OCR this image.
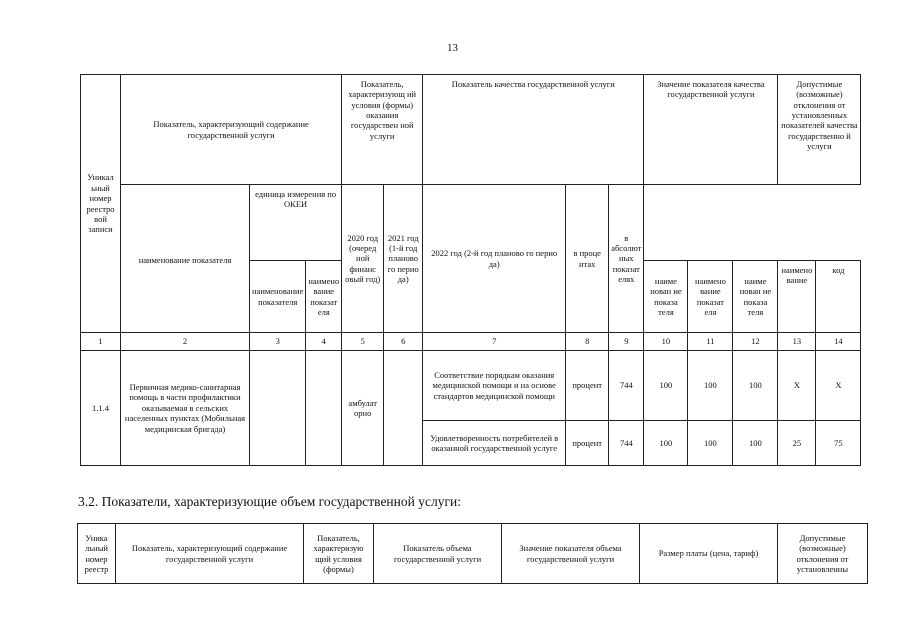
13
Уникал ьный номер реестро вой записи	Показатель, характеризующий содержание государственной услуги			Показатель, характеризующ ий условия (формы) оказания государствен ной услуги		Показатель качества государственной услуги			Значение показателя качества государственной услуги			Допустимые (возможные) отклонения от установленных показателей качества государственно й услуги	
	наименование показателя	единица измерения по ОКЕИ		2020 год (очеред ной финанс овый год)	2021 год (1-й год планово го перио да)	2022 год (2-й год планово го перио да)	в проце нтах	в абсолют ных показат елях					
		наименование показателя	наимено вание показат еля						наиме нован ие показа теля	наимено вание показат еля	наиме нован ие показа теля	наимено вание	код
1	2	3	4	5	6	7	8	9	10	11	12	13	14
1.1.4	Первичная медико-санитарная помощь в части профилактики оказываемая в сельских населенных пунктах (Мобильная медицинская бригада)			амбулат орно		Соответствие порядкам оказания медицинской помощи и на основе стандартов медицинской помощи	процент	744	100	100	100	X	X
						Удовлетворенность потребителей в оказанной государственной услуге	процент	744	100	100	100	25	75
3.2. Показатели, характеризующие объем государственной услуги:
Уника льный номер реестр	Показатель, характеризующий содержание государственной услуги	Показатель, характеризую щий условия (формы)	Показатель объема государственной услуги	Значение показателя объема государственной услуги	Размер платы (цена, тариф)	Допустимые (возможные) отклонения от установленны
